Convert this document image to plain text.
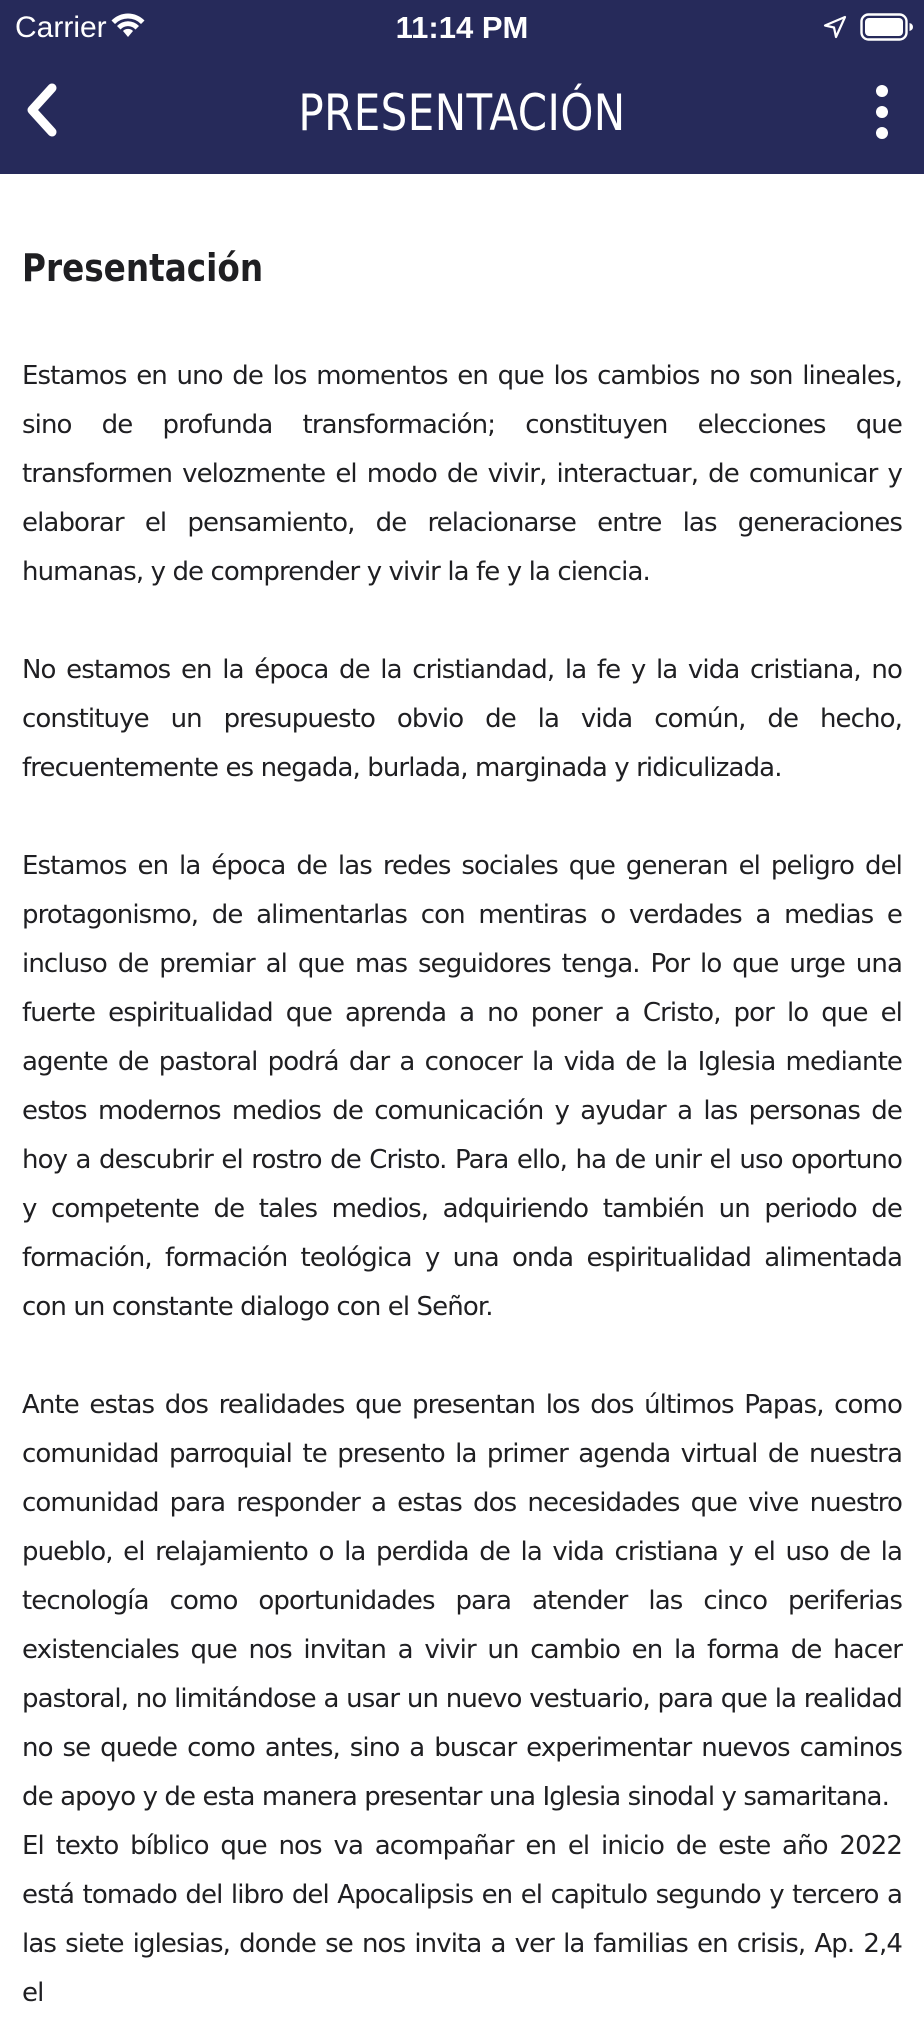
Carrier	11:14 PM
PRESENTACIÓN
Presentación

Estamos en uno de los momentos en que los cambios no son lineales, sino de profunda transformación; constituyen elecciones que transformen velozmente el modo de vivir, interactuar, de comunicar y elaborar el pensamiento, de relacionarse entre las generaciones humanas, y de comprender y vivir la fe y la ciencia.

No estamos en la época de la cristiandad, la fe y la vida cristiana, no constituye un presupuesto obvio de la vida común, de hecho, frecuentemente es negada, burlada, marginada y ridiculizada.

Estamos en la época de las redes sociales que generan el peligro del protagonismo, de alimentarlas con mentiras o verdades a medias e incluso de premiar al que mas seguidores tenga. Por lo que urge una fuerte espiritualidad que aprenda a no poner a Cristo, por lo que el agente de pastoral podrá dar a conocer la vida de la Iglesia mediante estos modernos medios de comunicación y ayudar a las personas de hoy a descubrir el rostro de Cristo. Para ello, ha de unir el uso oportuno y competente de tales medios, adquiriendo también un periodo de formación, formación teológica y una onda espiritualidad alimentada con un constante dialogo con el Señor.

Ante estas dos realidades que presentan los dos últimos Papas, como comunidad parroquial te presento la primer agenda virtual de nuestra comunidad para responder a estas dos necesidades que vive nuestro pueblo, el relajamiento o la perdida de la vida cristiana y el uso de la tecnología como oportunidades para atender las cinco periferias existenciales que nos invitan a vivir un cambio en la forma de hacer pastoral, no limitándose a usar un nuevo vestuario, para que la realidad no se quede como antes, sino a buscar experimentar nuevos caminos de apoyo y de esta manera presentar una Iglesia sinodal y samaritana.

El texto bíblico que nos va acompañar en el inicio de este año 2022 está tomado del libro del Apocalipsis en el capitulo segundo y tercero a las siete iglesias, donde se nos invita a ver la familias en crisis, Ap. 2,4 el
